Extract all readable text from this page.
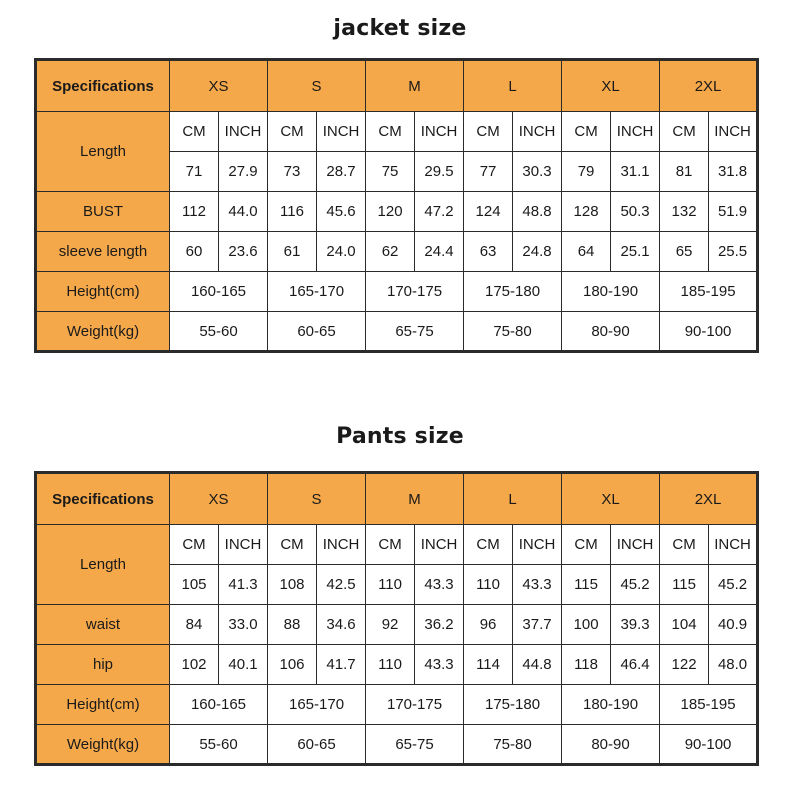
jacket size
Specifications	XS		S		M		L		XL		2XL	
Length	CM	INCH	CM	INCH	CM	INCH	CM	INCH	CM	INCH	CM	INCH
	71	27.9	73	28.7	75	29.5	77	30.3	79	31.1	81	31.8
BUST	112	44.0	116	45.6	120	47.2	124	48.8	128	50.3	132	51.9
sleeve length	60	23.6	61	24.0	62	24.4	63	24.8	64	25.1	65	25.5
Height(cm)	160-165		165-170		170-175		175-180		180-190		185-195	
Weight(kg)	55-60		60-65		65-75		75-80		80-90		90-100	
Pants size
Specifications	XS		S		M		L		XL		2XL	
Length	CM	INCH	CM	INCH	CM	INCH	CM	INCH	CM	INCH	CM	INCH
	105	41.3	108	42.5	110	43.3	110	43.3	115	45.2	115	45.2
waist	84	33.0	88	34.6	92	36.2	96	37.7	100	39.3	104	40.9
hip	102	40.1	106	41.7	110	43.3	114	44.8	118	46.4	122	48.0
Height(cm)	160-165		165-170		170-175		175-180		180-190		185-195	
Weight(kg)	55-60		60-65		65-75		75-80		80-90		90-100	
